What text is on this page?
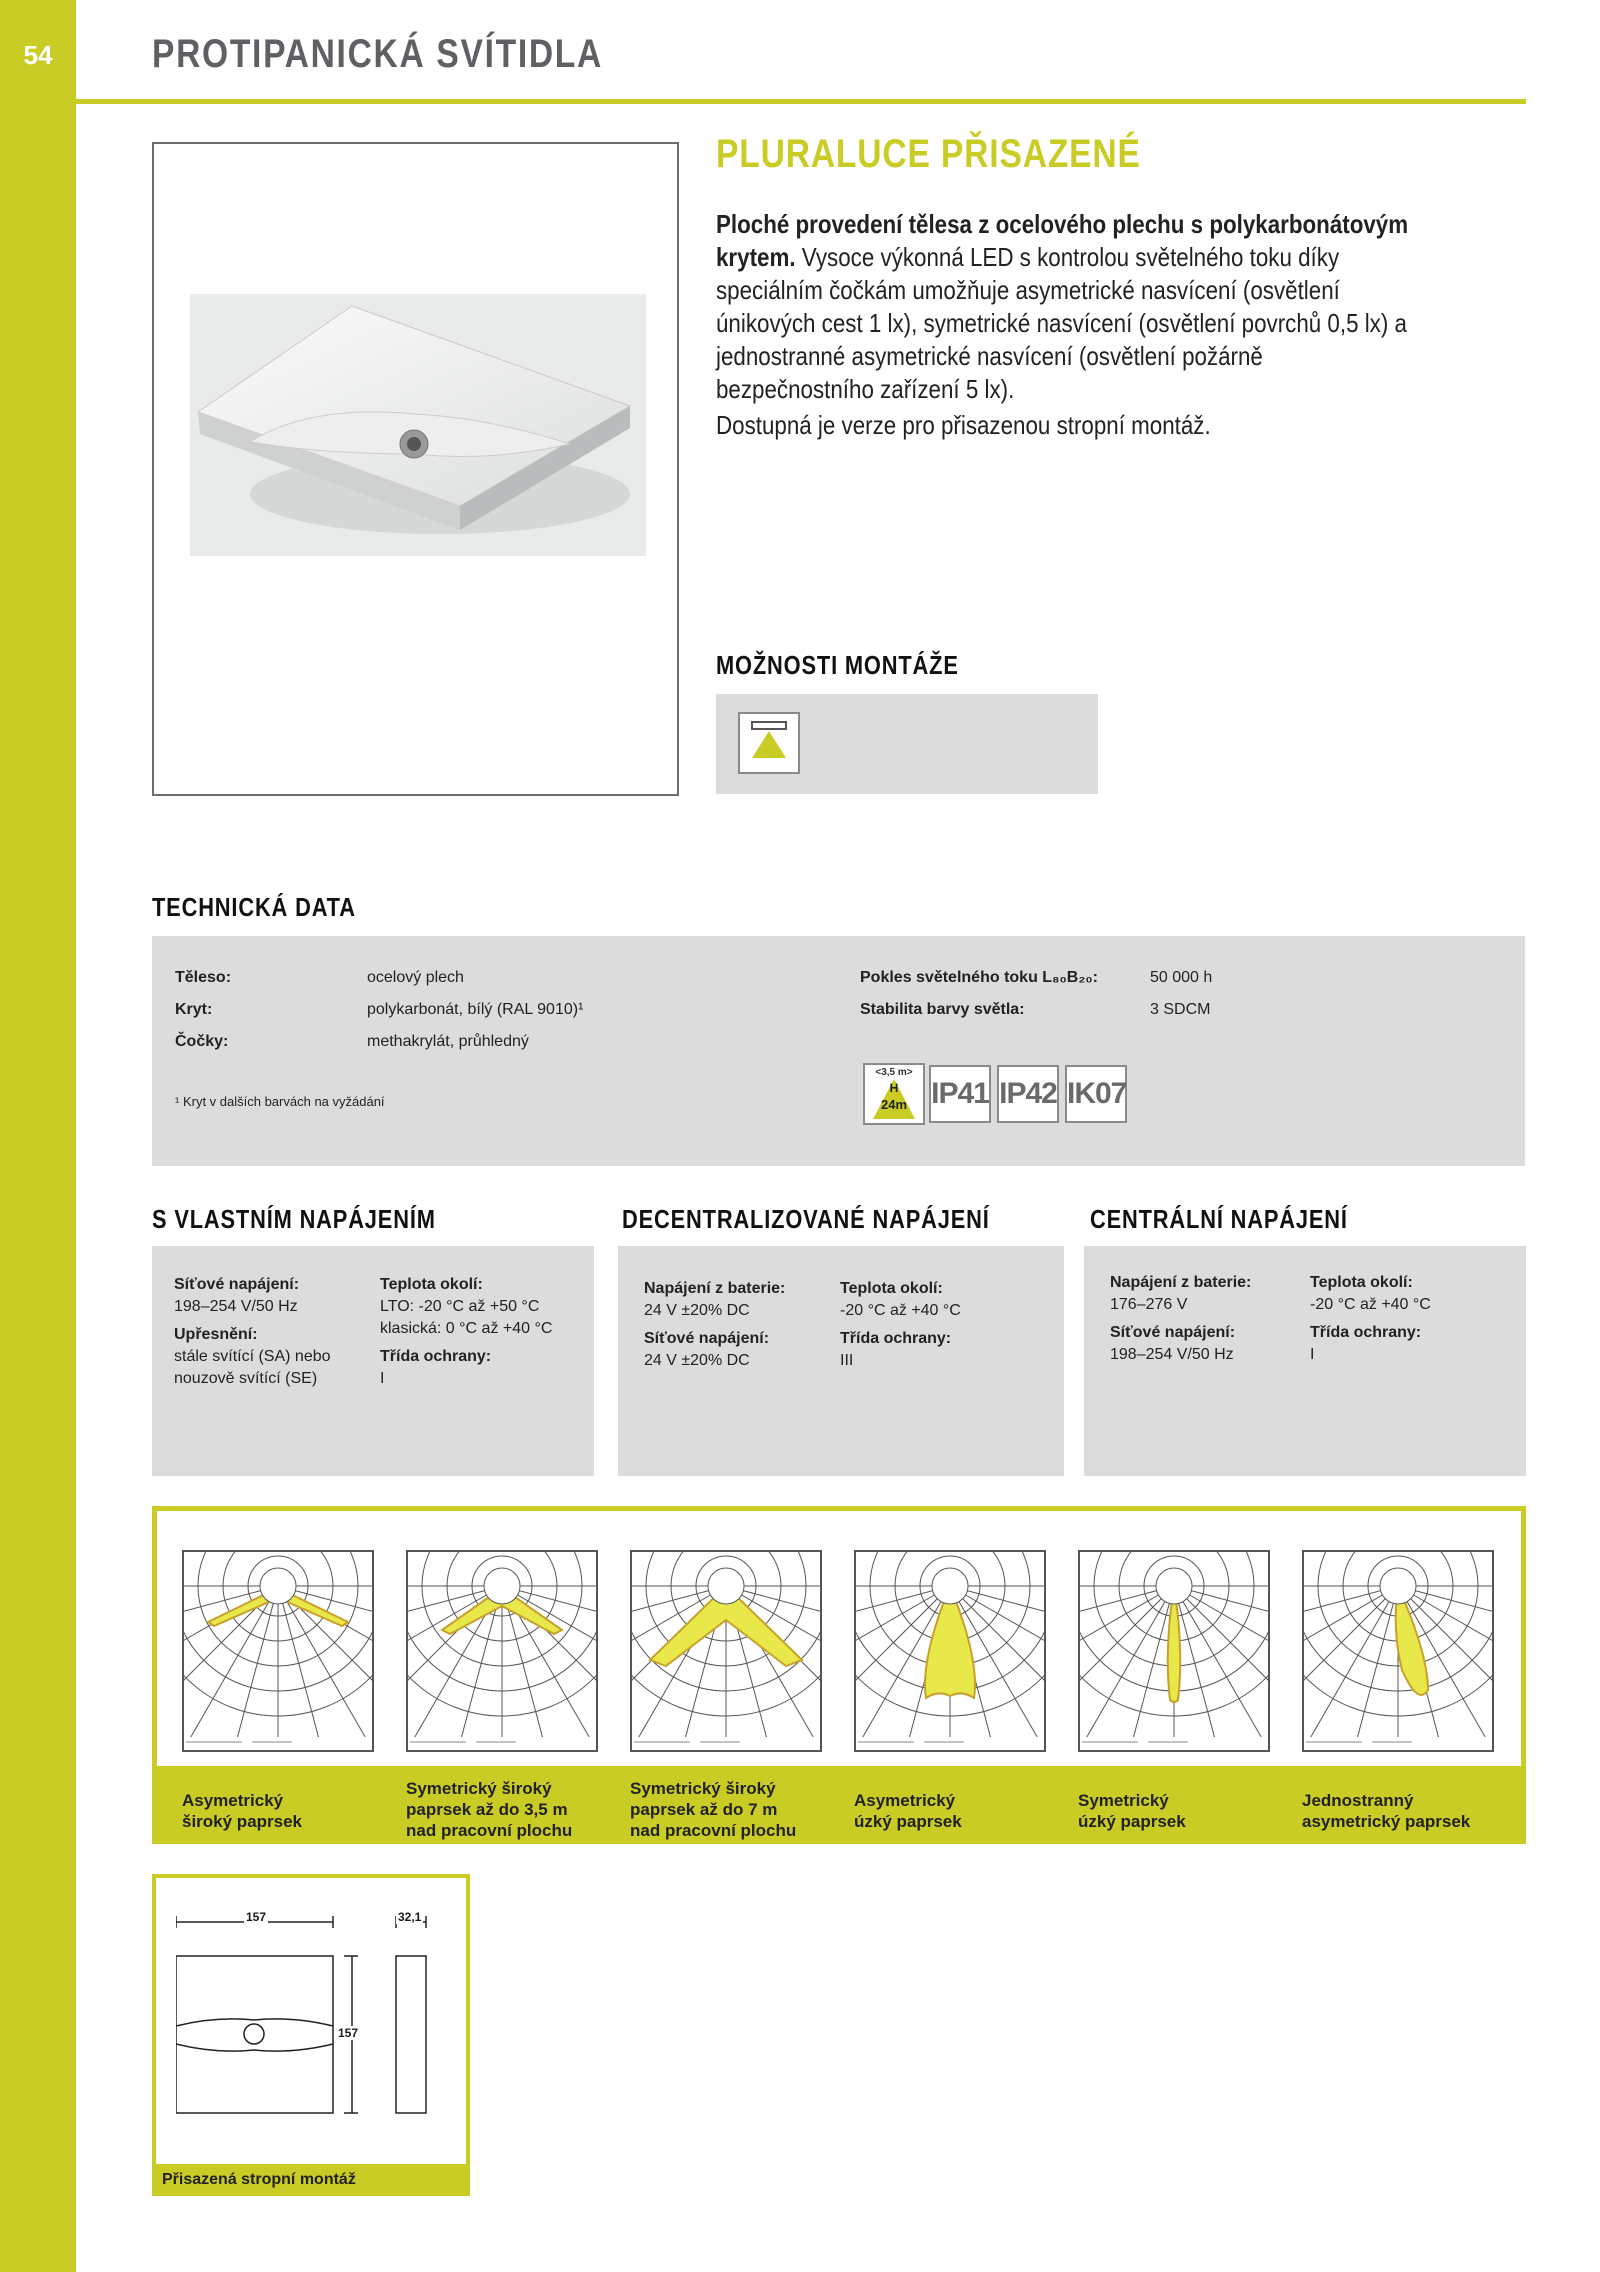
54	PROTIPANICKÁ SVÍTIDLA
PLURALUCE PŘISAZENÉ
Ploché provedení tělesa z ocelového plechu s polykarbonátovým krytem. Vysoce výkonná LED s kontrolou světelného toku díky speciálním čočkám umožňuje asymetrické nasvícení (osvětlení únikových cest 1 lx), symetrické nasvícení (osvětlení povrchů 0,5 lx) a jednostranné asymetrické nasvícení (osvětlení požárně bezpečnostního zařízení 5 lx).
Dostupná je verze pro přisazenou stropní montáž.
MOŽNOSTI MONTÁŽE
TECHNICKÁ DATA
Těleso:	ocelový plech
Kryt:	polykarbonát, bílý (RAL 9010)¹
Čočky:	methakrylát, průhledný
¹ Kryt v dalších barvách na vyžádání
Pokles světelného toku L₈₀B₂₀:	50 000 h
Stabilita barvy světla:	3 SDCM
<3,5 m>
H
24m IP41 IP42 IK07
S VLASTNÍM NAPÁJENÍM	DECENTRALIZOVANÉ NAPÁJENÍ	CENTRÁLNÍ NAPÁJENÍ
Síťové napájení:
198–254 V/50 Hz
Upřesnění:
stále svítící (SA) nebo
nouzově svítící (SE)
Teplota okolí:
LTO: -20 °C až +50 °C
klasická: 0 °C až +40 °C
Třída ochrany:
I
Napájení z baterie:
24 V ±20% DC
Síťové napájení:
24 V ±20% DC
Teplota okolí:
-20 °C až +40 °C
Třída ochrany:
III
Napájení z baterie:
176–276 V
Síťové napájení:
198–254 V/50 Hz
Teplota okolí:
-20 °C až +40 °C
Třída ochrany:
I
Asymetrický
široký paprsek
Symetrický široký
paprsek až do 3,5 m
nad pracovní plochu
Symetrický široký
paprsek až do 7 m
nad pracovní plochu
Asymetrický
úzký paprsek
Symetrický
úzký paprsek
Jednostranný
asymetrický paprsek
157	32,1
157
Přisazená stropní montáž
